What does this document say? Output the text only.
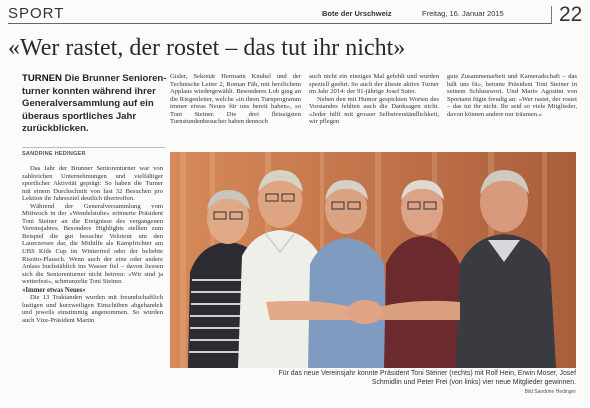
SPORT	Bote der Urschweiz	Freitag, 16. Januar 2015	22
«Wer rastet, der rostet – das tut ihr nicht»
TURNEN Die Brunner Seniorenturner konnten während ihrer Generalversammlung auf ein überaus sportliches Jahr zurückblicken.
SANDRINE HEDINGER

Das Jahr der Brunner Seniorenturner war von zahlreichen Unternehmungen und vielfältiger sportlicher Aktivität geprägt: So haben die Turner mit einem Durchschnitt von fast 32 Besuchen pro Lektion ihr Jahresziel deutlich übertroffen.

Während der Generalversammlung vom Mittwoch in der «Wendelstube» erinnerte Präsident Toni Steiner an die Ereignisse des vergangenen Vereinsjahres. Besondere Highlights stellten zum Beispiel die gut besuchte Velotour um den Lauerzersee dar, die Mithilfe als Kampfrichter am UBS Kids Cup im Winterried oder der beliebte Risotto-Plausch. Wenn auch der eine oder andere Anlass buchstäblich ins Wasser fiel – davon liessen sich die Seniorenturner nicht beirren: «Wir sind ja wetterfest», schmunzelte Toni Steiner.

«Immer etwas Neues»

Die 13 Traktanden wurden mit freundschaftlich lustigen und kurzweiligen Einschüben abgehandelt und jeweils einstimmig angenommen. So wurden auch Vize-Präsident Martin

Gisler, Sekretär Hermann Knubel und der Technische Leiter 2, Roman Fäh, mit herzlichem Applaus wiedergewählt. Besonderes Lob ging an die Riegenleiter, welche «in ihren Turnprogramm immer etwas Neues für uns bereit haben», so Toni Steiner. Die drei fleissigsten Turnstundenbesucher haben dennoch

auch nicht ein einziges Mal gefehlt und wurden speziell geehrt. So auch der älteste aktive Turner im Jahr 2014: der 91-jährige Josef Suter.

Neben den mit Humor gespickten Worten des Vorstandes fehlten auch die Danksagen nicht. «Jeder hilft mit grosser Selbstverständlichkeit, wir pflegen

gute Zusammenarbeit und Kameradschaft – das hält uns fit», betonte Präsident Toni Steiner in seinem Schlusswort. Und Mario Agostini von Sportamt fügte freudig an: «Wer rastet, der rostet – das tut ihr nicht. Ihr seid so viele Mitglieder, davon können andere nur träumen.»

Für das neue Vereinsjahr konnte Präsident Toni Steiner (rechts) mit Rolf Hein, Erwin Moser, Josef Schmidlin und Peter Frei (von links) vier neue Mitglieder gewinnen.
Bild Sandrine Hedinger
